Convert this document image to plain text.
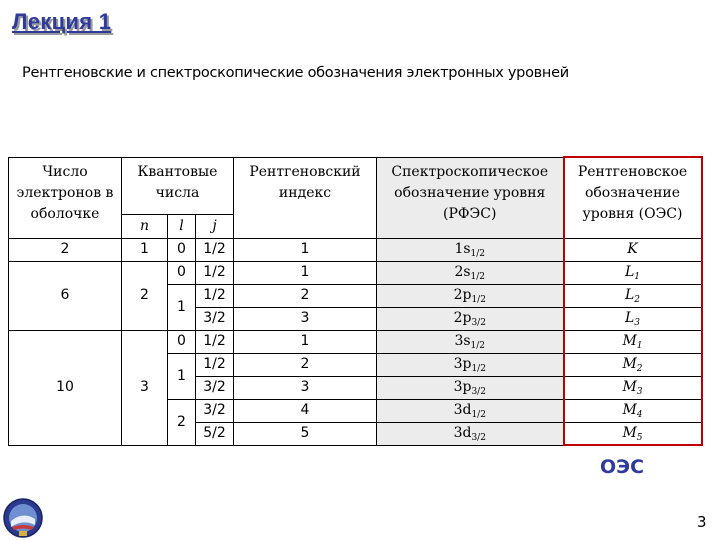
Лекция 1
Рентгеновские и спектроскопические обозначения электронных уровней
Число электронов в оболочке	Квантовые числа			Рентгеновский индекс	Спектроскопическое обозначение уровня (РФЭС)	Рентгеновское обозначение уровня (ОЭС)
	n	l	j			
2	1	0	1/2	1	$1s_{1/2}$	K
6	2	0	1/2	1	$2s_{1/2}$	$L_1$
		1	1/2	2	$2p_{1/2}$	$L_2$
			3/2	3	$2p_{3/2}$	$L_3$
10	3	0	1/2	1	$3s_{1/2}$	$M_1$
		1	1/2	2	$3p_{1/2}$	$M_2$
			3/2	3	$3p_{3/2}$	$M_3$
		2	3/2	4	$3d_{1/2}$	$M_4$
			5/2	5	$3d_{3/2}$	$M_5$
ОЭС
3
